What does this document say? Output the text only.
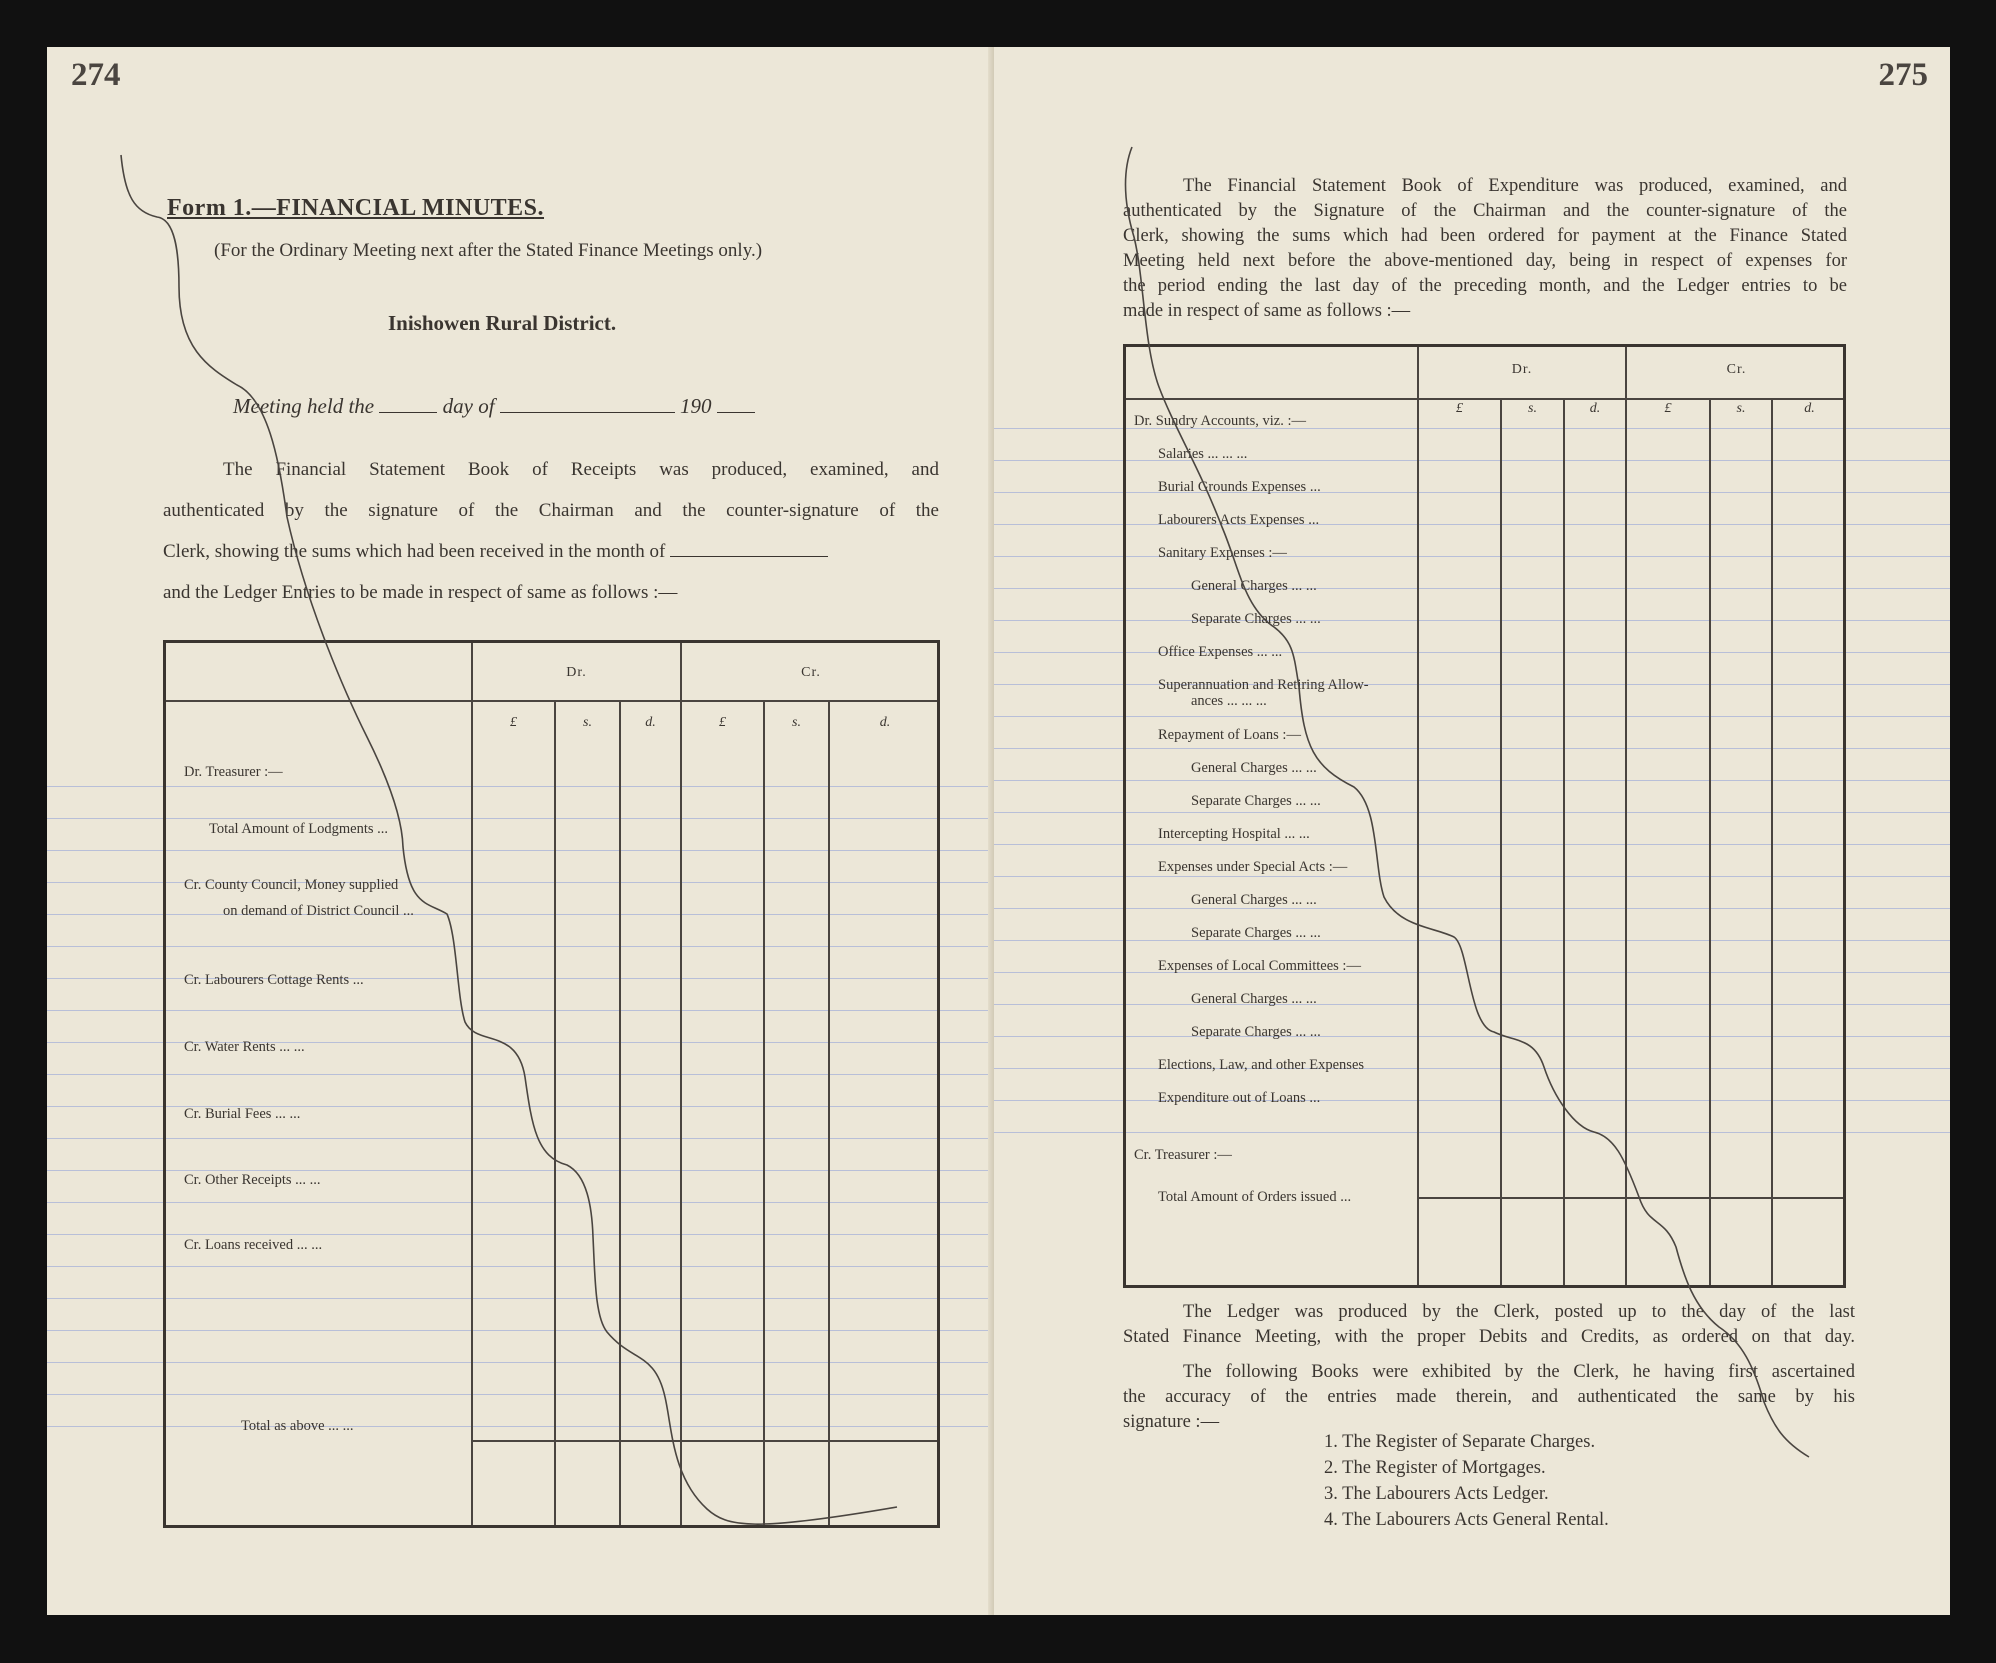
274
Form 1.—FINANCIAL MINUTES.
(For the Ordinary Meeting next after the Stated Finance Meetings only.)
Inishowen Rural District.
Meeting held the	day of	190
The Financial Statement Book of Receipts was produced, examined, and
authenticated by the signature of the Chairman and the counter-signature of the
Clerk, showing the sums which had been received in the month of
and the Ledger Entries to be made in respect of same as follows :—
Dr.	Cr.
£	s.	d.	£	s.	d.
Dr. Treasurer :—
Total Amount of Lodgments ...
Cr. County Council, Money supplied
on demand of District Council ...
Cr. Labourers Cottage Rents ...
Cr. Water Rents ... ...
Cr. Burial Fees ... ...
Cr. Other Receipts ... ...
Cr. Loans received ... ...
Total as above ... ...
275
The Financial Statement Book of Expenditure was produced, examined, and
authenticated by the Signature of the Chairman and the counter-signature of the
Clerk, showing the sums which had been ordered for payment at the Finance Stated
Meeting held next before the above-mentioned day, being in respect of expenses for
the period ending the last day of the preceding month, and the Ledger entries to be
made in respect of same as follows :—
Dr.	Cr.
£	s.	d.	£	s.	d.
Dr. Sundry Accounts, viz. :—
Salaries ... ... ...
Burial Grounds Expenses ...
Labourers Acts Expenses ...
Sanitary Expenses :—
General Charges ... ...
Separate Charges ... ...
Office Expenses ... ...
Superannuation and Retiring Allow-
ances ... ... ...
Repayment of Loans :—
General Charges ... ...
Separate Charges ... ...
Intercepting Hospital ... ...
Expenses under Special Acts :—
General Charges ... ...
Separate Charges ... ...
Expenses of Local Committees :—
General Charges ... ...
Separate Charges ... ...
Elections, Law, and other Expenses
Expenditure out of Loans ...
Cr. Treasurer :—
Total Amount of Orders issued ...
The Ledger was produced by the Clerk, posted up to the day of the last
Stated Finance Meeting, with the proper Debits and Credits, as ordered on that day.
The following Books were exhibited by the Clerk, he having first ascertained
the accuracy of the entries made therein, and authenticated the same by his
signature :—
1. The Register of Separate Charges.
2. The Register of Mortgages.
3. The Labourers Acts Ledger.
4. The Labourers Acts General Rental.
